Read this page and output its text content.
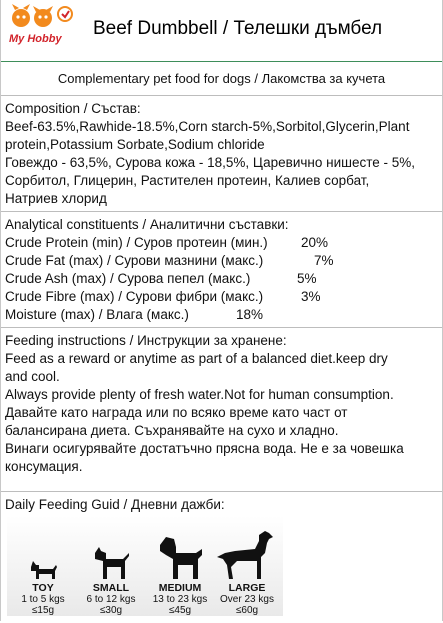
My Hobby Beef Dumbbell / Телешки дъмбел
Complementary pet food for dogs / Лакомства за кучета
Composition / Състав:
Beef-63.5%,Rawhide-18.5%,Corn starch-5%,Sorbitol,Glycerin,Plant
protein,Potassium Sorbate,Sodium chloride
Говеждо - 63,5%, Сурова кожа - 18,5%, Царевично нишесте - 5%,
Сорбитол, Глицерин, Растителен протеин, Калиев сорбат,
Натриев хлорид
Analytical constituents / Аналитични съставки:
Crude Protein (min) / Суров протеин (мин.) 20%
Crude Fat (max) / Сурови мазнини (макс.)	7%
Crude Ash (max) / Сурова пепел (макс.)	5%
Crude Fibre (max) / Сурови фибри (макс.)	3%
Moisture (max) / Влага (макс.)	18%
Feeding instructions / Инструкции за хранене:
Feed as a reward or anytime as part of a balanced diet.keep dry
and cool.
Always provide plenty of fresh water.Not for human consumption.
Давайте като награда или по всяко време като част от
балансирана диета. Съхранявайте на сухо и хладно.
Винаги осигурявайте достатъчно прясна вода. Не е за човешка
консумация.
Daily Feeding Guid / Дневни дажби:
TOY
1 to 5 kgs
≤15g
SMALL
6 to 12 kgs
≤30g
MEDIUM
13 to 23 kgs
≤45g
LARGE
Over 23 kgs
≤60g
